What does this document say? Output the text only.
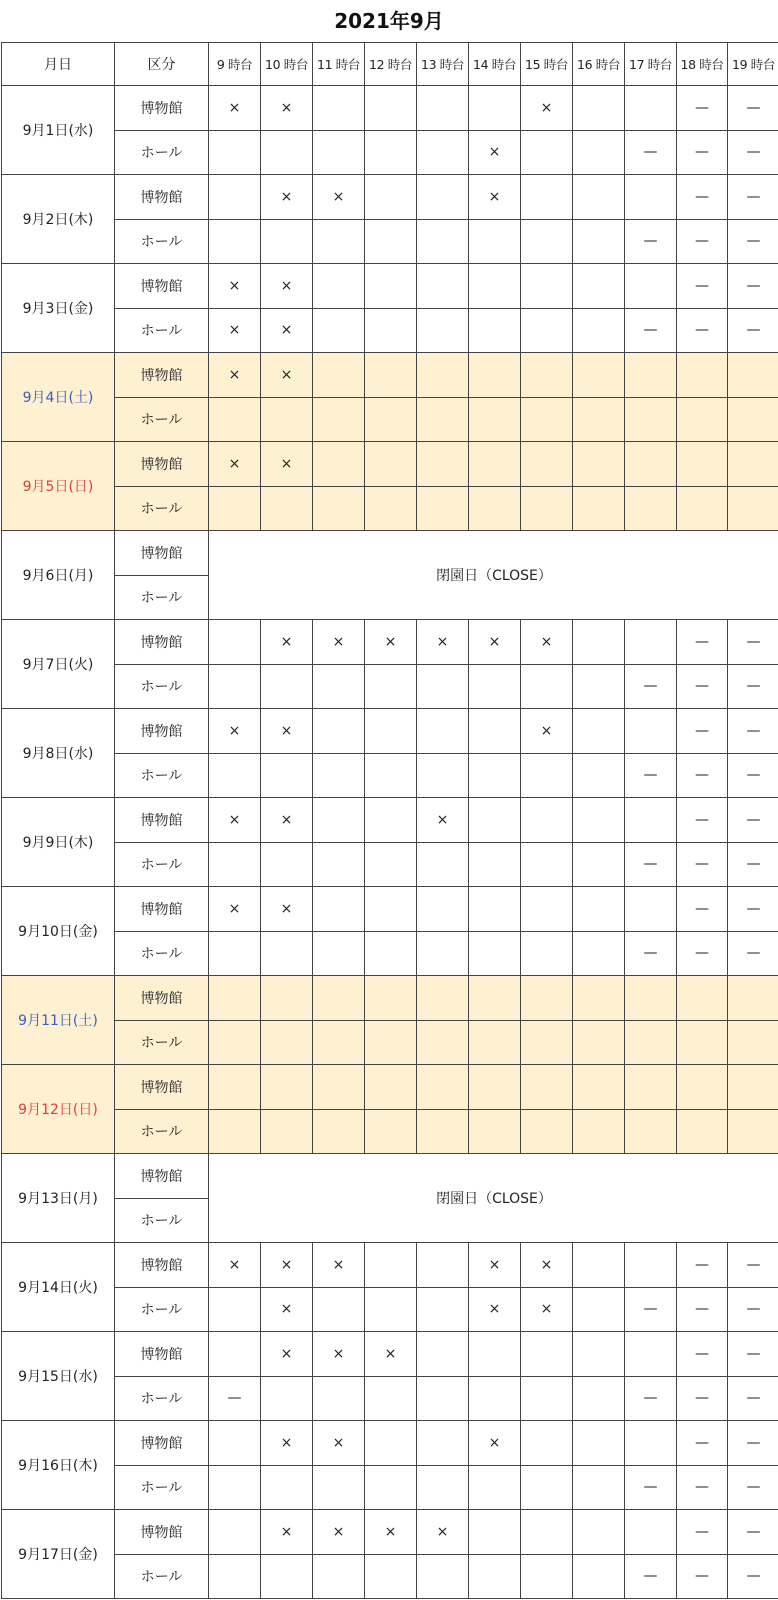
2021年9月
月日	区分	9 時台	10 時台	11 時台	12 時台	13 時台	14 時台	15 時台	16 時台	17 時台	18 時台	19 時台
9月1日(水)	博物館	×	×					×			—	—
	ホール						×			—	—	—
9月2日(木)	博物館		×	×			×				—	—
	ホール									—	—	—
9月3日(金)	博物館	×	×								—	—
	ホール	×	×							—	—	—
9月4日(土)	博物館	×	×									
	ホール											
9月5日(日)	博物館	×	×									
	ホール											
9月6日(月)	博物館	閉園日（CLOSE）										
	ホール											
9月7日(火)	博物館		×	×	×	×	×	×			—	—
	ホール									—	—	—
9月8日(水)	博物館	×	×					×			—	—
	ホール									—	—	—
9月9日(木)	博物館	×	×			×					—	—
	ホール									—	—	—
9月10日(金)	博物館	×	×								—	—
	ホール									—	—	—
9月11日(土)	博物館											
	ホール											
9月12日(日)	博物館											
	ホール											
9月13日(月)	博物館	閉園日（CLOSE）										
	ホール											
9月14日(火)	博物館	×	×	×			×	×			—	—
	ホール		×				×	×		—	—	—
9月15日(水)	博物館		×	×	×						—	—
	ホール	—								—	—	—
9月16日(木)	博物館		×	×			×				—	—
	ホール									—	—	—
9月17日(金)	博物館		×	×	×	×					—	—
	ホール									—	—	—
